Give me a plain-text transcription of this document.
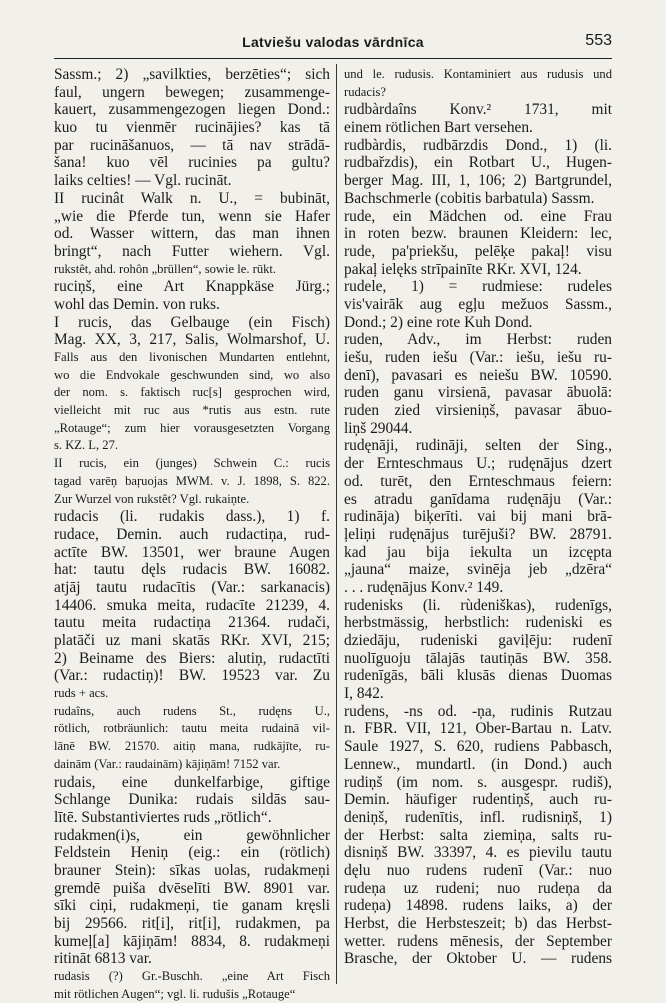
Latviešu valodas vārdnīca	553
Sassm.; 2) „savilkties, berzēties“; sich
faul, ungern bewegen; zusammenge-
kauert, zusammengezogen liegen Dond.:
kuo tu vienmēr rucinājies? kas tā
par rucināšanuos, — tā nav strādā-
šana! kuo vēl rucinies pa gultu?
laiks celties! — Vgl. rucināt.
II rucinât Walk n. U., = bubināt,
„wie die Pferde tun, wenn sie Hafer
od. Wasser wittern, das man ihnen
bringt“, nach Futter wiehern. Vgl.
rukstêt, ahd. rohôn „brüllen“, sowie le. rūkt.
ruciņš, eine Art Knappkäse Jürg.;
wohl das Demin. von ruks.
I rucis, das Gelbauge (ein Fisch)
Mag. XX, 3, 217, Salis, Wolmarshof, U.
Falls aus den livonischen Mundarten entlehnt,
wo die Endvokale geschwunden sind, wo also
der nom. s. faktisch ruc[s] gesprochen wird,
vielleicht mit ruc aus *rutis aus estn. rute
„Rotauge“; zum hier vorausgesetzten Vorgang
s. KZ. L, 27.
II rucis, ein (junges) Schwein C.: rucis
tagad varēņ baŗuojas MWM. v. J. 1898, S. 822.
Zur Wurzel von rukstêt? Vgl. rukaiņte.
rudacis (li. rudakis dass.), 1) f.
rudace, Demin. auch rudactiņa, rud-
actīte BW. 13501, wer braune Augen
hat: tautu dęls rudacis BW. 16082.
atjāj tautu rudacītis (Var.: sarkanacis)
14406. smuka meita, rudacīte 21239, 4.
tautu meita rudactiņa 21364. rudači,
platāči uz mani skatās RKr. XVI, 215;
2) Beiname des Biers: alutiņ, rudactīti
(Var.: rudactiņ)! BW. 19523 var. Zu
ruds + acs.
rudaîns, auch rudens St., rudęns U.,
rötlich, rotbräunlich: tautu meita rudainā vil-
lānē BW. 21570. aitiņ mana, rudkājīte, ru-
dainām (Var.: raudainām) kājiņām! 7152 var.
rudais, eine dunkelfarbige, giftige
Schlange Dunika: rudais sildās sau-
lītē. Substantiviertes ruds „rötlich“.
rudakmen(i)s, ein gewöhnlicher
Feldstein Heniņ (eig.: ein (rötlich)
brauner Stein): sīkas uolas, rudakmeņi
gremdē puiša dvēselīti BW. 8901 var.
sīki ciņi, rudakmeņi, tie ganam kręsli
bij 29566. rit[i], rit[i], rudakmen, pa
kumeļ[a] kājiņām! 8834, 8. rudakmeņi
ritināt 6813 var.
rudasis (?) Gr.-Buschh. „eine Art Fisch
mit rötlichen Augen“; vgl. li. rudušis „Rotauge“
und le. rudusis. Kontaminiert aus rudusis und
rudacis?
rudbàrdaîns Konv.² 1731, mit
einem rötlichen Bart versehen.
rudbàrdis, rudbārzdis Dond., 1) (li.
rudbařzdis), ein Rotbart U., Hugen-
berger Mag. III, 1, 106; 2) Bartgrundel,
Bachschmerle (cobitis barbatula) Sassm.
rude, ein Mädchen od. eine Frau
in roten bezw. braunen Kleidern: lec,
rude, pa'priekšu, pelēķe pakaļ! visu
pakaļ ielęks strīpainīte RKr. XVI, 124.
rudele, 1) = rudmiese: rudeles
vis'vairāk aug egļu mežuos Sassm.,
Dond.; 2) eine rote Kuh Dond.
ruden, Adv., im Herbst: ruden
iešu, ruden iešu (Var.: iešu, iešu ru-
denī), pavasari es neiešu BW. 10590.
ruden ganu virsienā, pavasar ābuolā:
ruden zied virsieniņš, pavasar ābuo-
liņš 29044.
rudęnāji, rudināji, selten der Sing.,
der Ernteschmaus U.; rudęnājus dzert
od. turēt, den Ernteschmaus feiern:
es atradu ganīdama rudęnāju (Var.:
rudināja) biķerīti. vai bij mani brā-
ļeliņi rudęnājus turējuši? BW. 28791.
kad jau bija iekulta un izcępta
„jauna“ maize, svinēja jeb „dzēra“
. . . rudęnājus Konv.² 149.
rudenisks (li. rùdeniškas), rudenīgs,
herbstmässig, herbstlich: rudeniski es
dziedāju, rudeniski gaviļēju: rudenī
nuolīguoju tālajās tautiņās BW. 358.
rudenīgās, bāli klusās dienas Duomas
I, 842.
rudens, -ns od. -ņa, rudinis Rutzau
n. FBR. VII, 121, Ober-Bartau n. Latv.
Saule 1927, S. 620, rudiens Pabbasch,
Lennew., mundartl. (in Dond.) auch
rudiņš (im nom. s. ausgespr. rudiš),
Demin. häufiger rudentiņš, auch ru-
deniņš, rudenītis, infl. rudisniņš, 1)
der Herbst: salta ziemiņa, salts ru-
disniņš BW. 33397, 4. es pievilu tautu
dęlu nuo rudens rudenī (Var.: nuo
rudeņa uz rudeni; nuo rudeņa da
rudeņa) 14898. rudens laiks, a) der
Herbst, die Herbsteszeit; b) das Herbst-
wetter. rudens mēnesis, der September
Brasche, der Oktober U. — rudens
